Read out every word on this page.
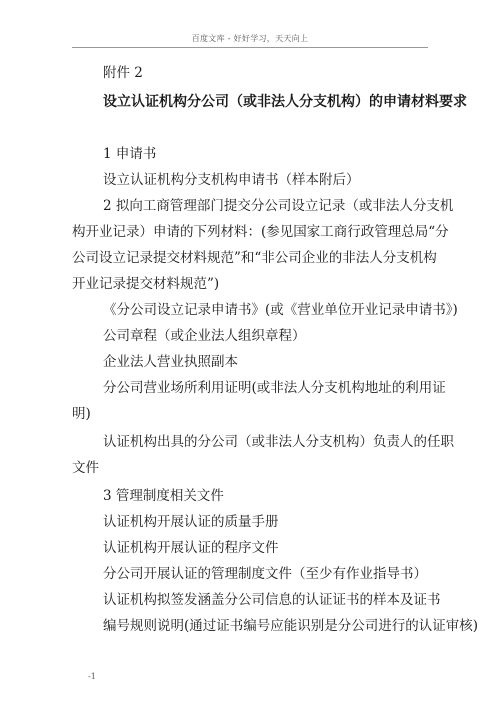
百度文库 - 好好学习，天天向上
附件 2
设立认证机构分公司（或非法人分支机构）的申请材料要求
1 申请书
设立认证机构分支机构申请书（样本附后）
2 拟向工商管理部门提交分公司设立记录（或非法人分支机
构开业记录）申请的下列材料：(参见国家工商行政管理总局“分
公司设立记录提交材料规范”和“非公司企业的非法人分支机构
开业记录提交材料规范”)
《分公司设立记录申请书》(或《营业单位开业记录申请书》)
公司章程（或企业法人组织章程）
企业法人营业执照副本
分公司营业场所利用证明(或非法人分支机构地址的利用证
明)
认证机构出具的分公司（或非法人分支机构）负责人的任职
文件
3 管理制度相关文件
认证机构开展认证的质量手册
认证机构开展认证的程序文件
分公司开展认证的管理制度文件（至少有作业指导书）
认证机构拟签发涵盖分公司信息的认证证书的样本及证书
编号规则说明(通过证书编号应能识别是分公司进行的认证审核)
-1
